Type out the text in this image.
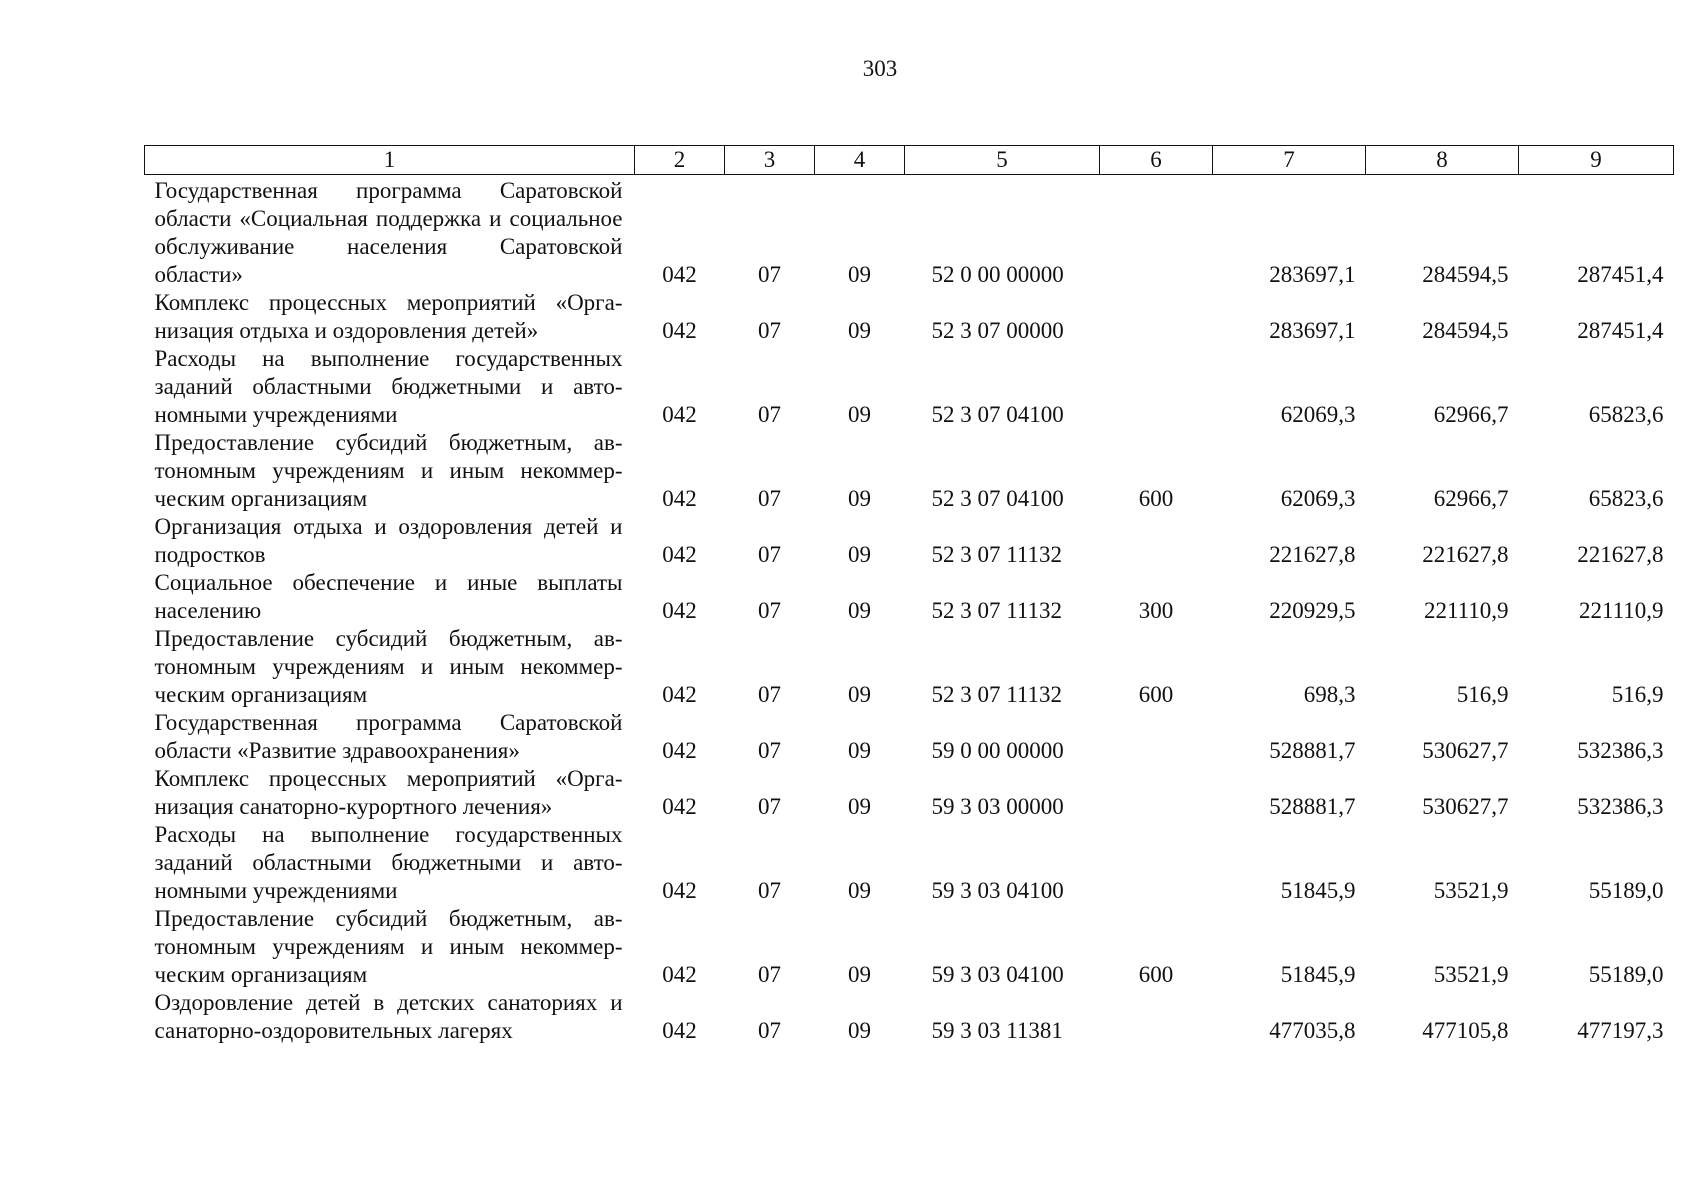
303
1	2	3	4	5	6	7	8	9
Государственная программа Саратовской области «Социальная поддержка и социальное обслуживание населения Саратовской области»	042	07	09	52 0 00 00000		283697,1	284594,5	287451,4
Комплекс процессных мероприятий «Организация отдыха и оздоровления детей»	042	07	09	52 3 07 00000		283697,1	284594,5	287451,4
Расходы на выполнение государственных заданий областными бюджетными и автономными учреждениями	042	07	09	52 3 07 04100		62069,3	62966,7	65823,6
Предоставление субсидий бюджетным, автономным учреждениям и иным некоммерческим организациям	042	07	09	52 3 07 04100	600	62069,3	62966,7	65823,6
Организация отдыха и оздоровления детей и подростков	042	07	09	52 3 07 11132		221627,8	221627,8	221627,8
Социальное обеспечение и иные выплаты населению	042	07	09	52 3 07 11132	300	220929,5	221110,9	221110,9
Предоставление субсидий бюджетным, автономным учреждениям и иным некоммерческим организациям	042	07	09	52 3 07 11132	600	698,3	516,9	516,9
Государственная программа Саратовской области «Развитие здравоохранения»	042	07	09	59 0 00 00000		528881,7	530627,7	532386,3
Комплекс процессных мероприятий «Организация санаторно-курортного лечения»	042	07	09	59 3 03 00000		528881,7	530627,7	532386,3
Расходы на выполнение государственных заданий областными бюджетными и автономными учреждениями	042	07	09	59 3 03 04100		51845,9	53521,9	55189,0
Предоставление субсидий бюджетным, автономным учреждениям и иным некоммерческим организациям	042	07	09	59 3 03 04100	600	51845,9	53521,9	55189,0
Оздоровление детей в детских санаториях и санаторно-оздоровительных лагерях	042	07	09	59 3 03 11381		477035,8	477105,8	477197,3
